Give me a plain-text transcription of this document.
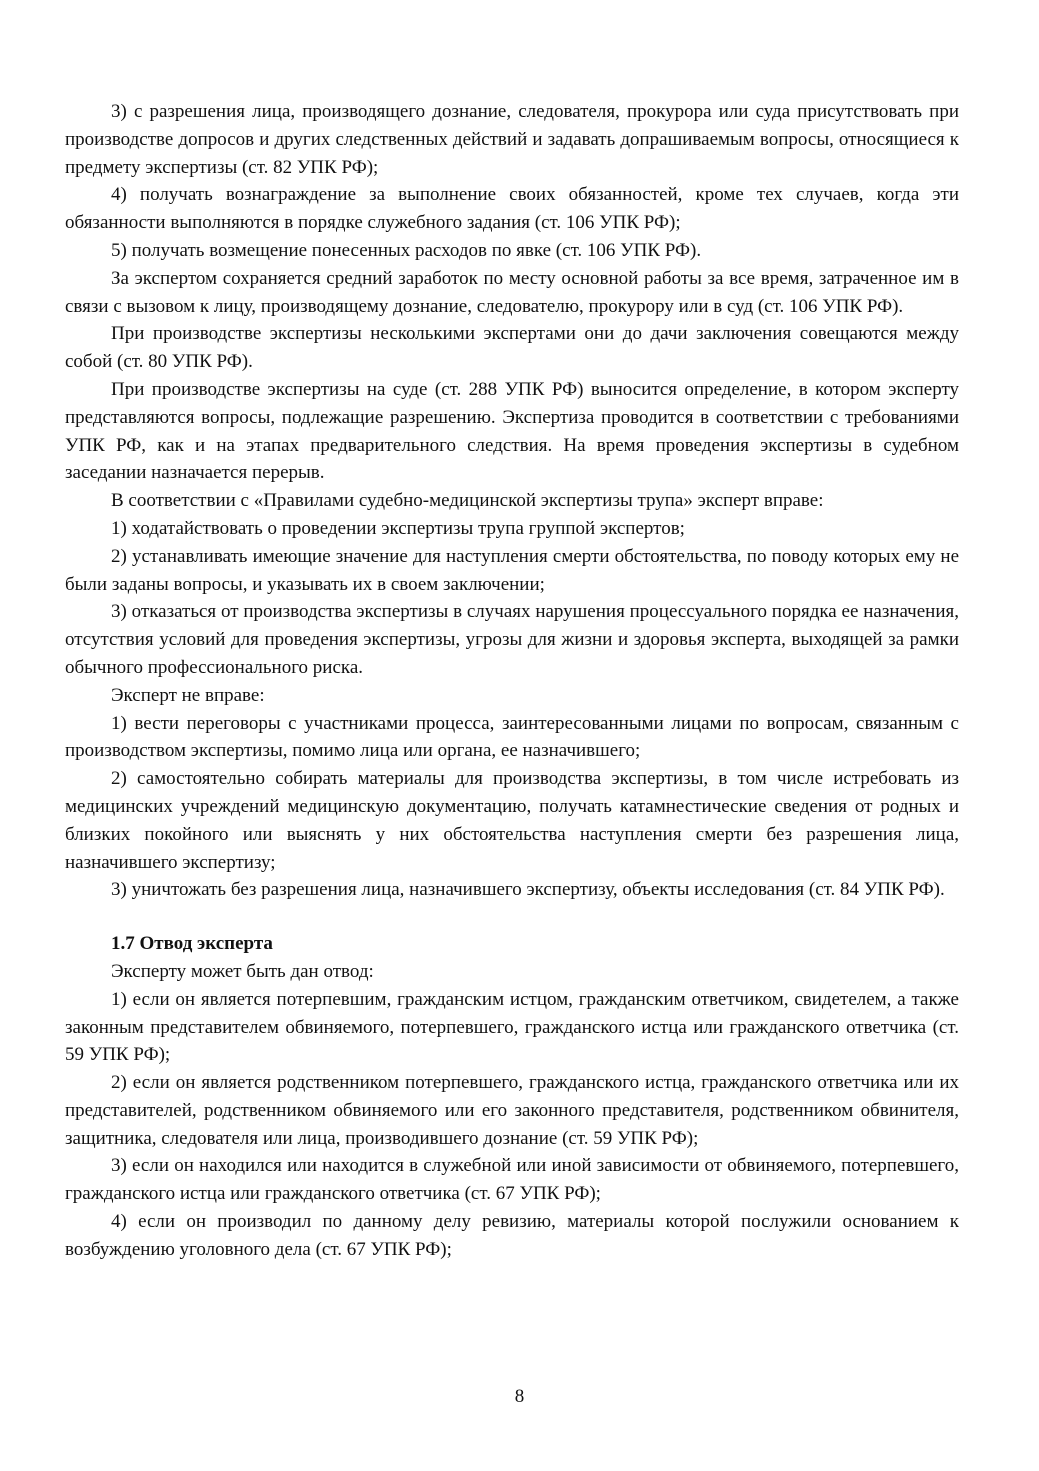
3) с разрешения лица, производящего дознание, следователя, прокурора или суда присутствовать при производстве допросов и других следственных действий и задавать допрашиваемым вопросы, относящиеся к предмету экспертизы (ст. 82 УПК РФ);

4) получать вознаграждение за выполнение своих обязанностей, кроме тех случаев, когда эти обязанности выполняются в порядке служебного задания (ст. 106 УПК РФ);

5) получать возмещение понесенных расходов по явке (ст. 106 УПК РФ).

За экспертом сохраняется средний заработок по месту основной работы за все время, затраченное им в связи с вызовом к лицу, производящему дознание, следователю, прокурору или в суд (ст. 106 УПК РФ).

При производстве экспертизы несколькими экспертами они до дачи заключения совещаются между собой (ст. 80 УПК РФ).

При производстве экспертизы на суде (ст. 288 УПК РФ) выносится определение, в котором эксперту представляются вопросы, подлежащие разрешению. Экспертиза проводится в соответствии с требованиями УПК РФ, как и на этапах предварительного следствия. На время проведения экспертизы в судебном заседании назначается перерыв.

В соответствии с «Правилами судебно-медицинской экспертизы трупа» эксперт вправе:

1) ходатайствовать о проведении экспертизы трупа группой экспертов;

2) устанавливать имеющие значение для наступления смерти обстоятельства, по поводу которых ему не были заданы вопросы, и указывать их в своем заключении;

3) отказаться от производства экспертизы в случаях нарушения процессуального порядка ее назначения, отсутствия условий для проведения экспертизы, угрозы для жизни и здоровья эксперта, выходящей за рамки обычного профессионального риска.

Эксперт не вправе:

1) вести переговоры с участниками процесса, заинтересованными лицами по вопросам, связанным с производством экспертизы, помимо лица или органа, ее назначившего;

2) самостоятельно собирать материалы для производства экспертизы, в том числе истребовать из медицинских учреждений медицинскую документацию, получать катамнестические сведения от родных и близких покойного или выяснять у них обстоятельства наступления смерти без разрешения лица, назначившего экспертизу;

3) уничтожать без разрешения лица, назначившего экспертизу, объекты исследования (ст. 84 УПК РФ).

1.7 Отвод эксперта

Эксперту может быть дан отвод:

1) если он является потерпевшим, гражданским истцом, гражданским ответчиком, свидетелем, а также законным представителем обвиняемого, потерпевшего, гражданского истца или гражданского ответчика (ст. 59 УПК РФ);

2) если он является родственником потерпевшего, гражданского истца, гражданского ответчика или их представителей, родственником обвиняемого или его законного представителя, родственником обвинителя, защитника, следователя или лица, производившего дознание (ст. 59 УПК РФ);

3) если он находился или находится в служебной или иной зависимости от обвиняемого, потерпевшего, гражданского истца или гражданского ответчика (ст. 67 УПК РФ);

4) если он производил по данному делу ревизию, материалы которой послужили основанием к возбуждению уголовного дела (ст. 67 УПК РФ);

8
